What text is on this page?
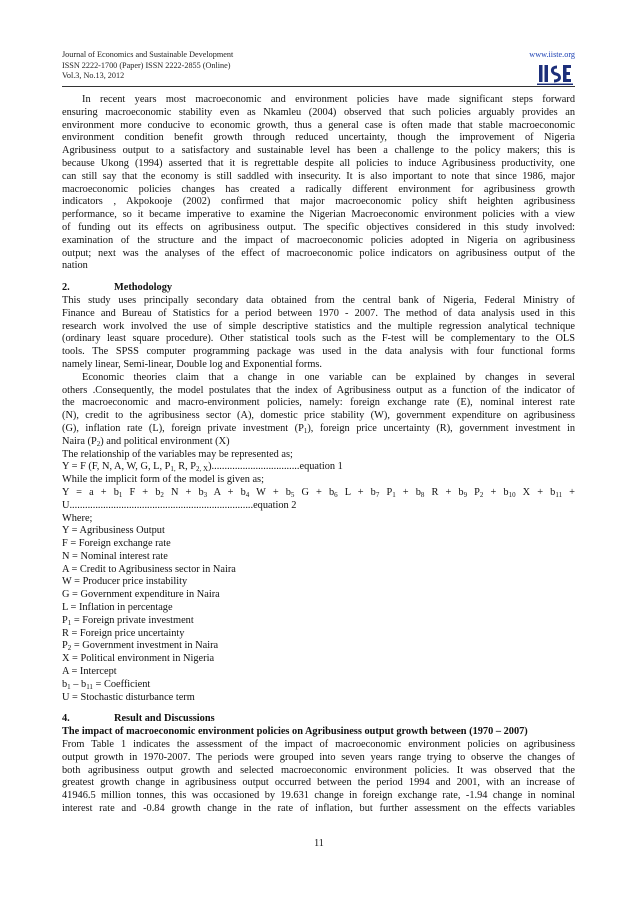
Journal of Economics and Sustainable Development
ISSN 2222-1700 (Paper) ISSN 2222-2855 (Online)
Vol.3, No.13, 2012
www.iiste.org
In recent years most macroeconomic and environment policies have made significant steps forward
ensuring macroeconomic stability even as Nkamleu (2004) observed that such policies arguably provides an
environment more conducive to economic growth, thus a general case is often made that stable macroeconomic
environment condition benefit growth through reduced uncertainty, though the improvement of Nigeria
Agribusiness output to a satisfactory and sustainable level has been a challenge to the policy makers; this is
because Ukong (1994) asserted that it is regrettable despite all policies to induce Agribusiness productivity, one
can still say that the economy is still saddled with insecurity. It is also important to note that since 1986, major
macroeconomic policies changes has created a radically different environment for agribusiness growth
indicators , Akpokooje (2002) confirmed that major macroeconomic policy shift heighten agribusiness
performance, so it became imperative to examine the Nigerian Macroeconomic environment policies with a view
of funding out its effects on agribusiness output. The specific objectives considered in this study involved:
examination of the structure and the impact of macroeconomic policies adopted in Nigeria on agribusiness
output; next was the analyses of the effect of macroeconomic police indicators on agribusiness output of the
nation
2.	Methodology
This study uses principally secondary data obtained from the central bank of Nigeria, Federal Ministry of
Finance and Bureau of Statistics for a period between 1970 - 2007. The method of data analysis used in this
research work involved the use of simple descriptive statistics and the multiple regression analytical technique
(ordinary least square procedure). Other statistical tools such as the F-test will be complementary to the OLS
tools. The SPSS computer programming package was used in the data analysis with four functional forms
namely linear, Semi-linear, Double log and Exponential forms.
Economic theories claim that a change in one variable can be explained by changes in several
others .Consequently, the model postulates that the index of Agribusiness output as a function of the indicator of
the macroeconomic and macro-environment policies, namely: foreign exchange rate (E), nominal interest rate
(N), credit to the agribusiness sector (A), domestic price stability (W), government expenditure on agribusiness
(G), inflation rate (L), foreign private investment $(P_1)$, foreign price uncertainty (R), government investment in
Naira $(P_2)$ and political environment (X)
The relationship of the variables may be represented as;
Y = F (F, N, A, W, G, L, $P_{1,}$ R, $P_{2, X})..................................equation$ 1
While the implicit form of the model is given as;
$Y = a + b_1$ $F + b_2$ $N + b_3$ $A + b_4$ $W + b_5$ $G + b_6$ $L + b_7$ $P_1 + b_8$ $R + b_9$ $P_2 + b_{10}$ $X + b_{11}$ +
U.......................................................................equation 2
Where;
Y = Agribusiness Output
F = Foreign exchange rate
N = Nominal interest rate
A = Credit to Agribusiness sector in Naira
W = Producer price instability
G = Government expenditure in Naira
L = Inflation in percentage
$P_1$ = Foreign private investment
R = Foreign price uncertainty
$P_2$ = Government investment in Naira
X = Political environment in Nigeria
A = Intercept
$b_1 - b_{11}$ = Coefficient
U = Stochastic disturbance term
4.	Result and Discussions
The impact of macroeconomic environment policies on Agribusiness output growth between (1970 – 2007)
From Table 1 indicates the assessment of the impact of macroeconomic environment policies on agribusiness
output growth in 1970-2007. The periods were grouped into seven years range trying to observe the changes of
both agribusiness output growth and selected macroeconomic environment policies. It was observed that the
greatest growth change in agribusiness output occurred between the period 1994 and 2001, with an increase of
41946.5 million tonnes, this was occasioned by 19.631 change in foreign exchange rate, -1.94 change in nominal
interest rate and -0.84 growth change in the rate of inflation, but further assessment on the effects variables
11
